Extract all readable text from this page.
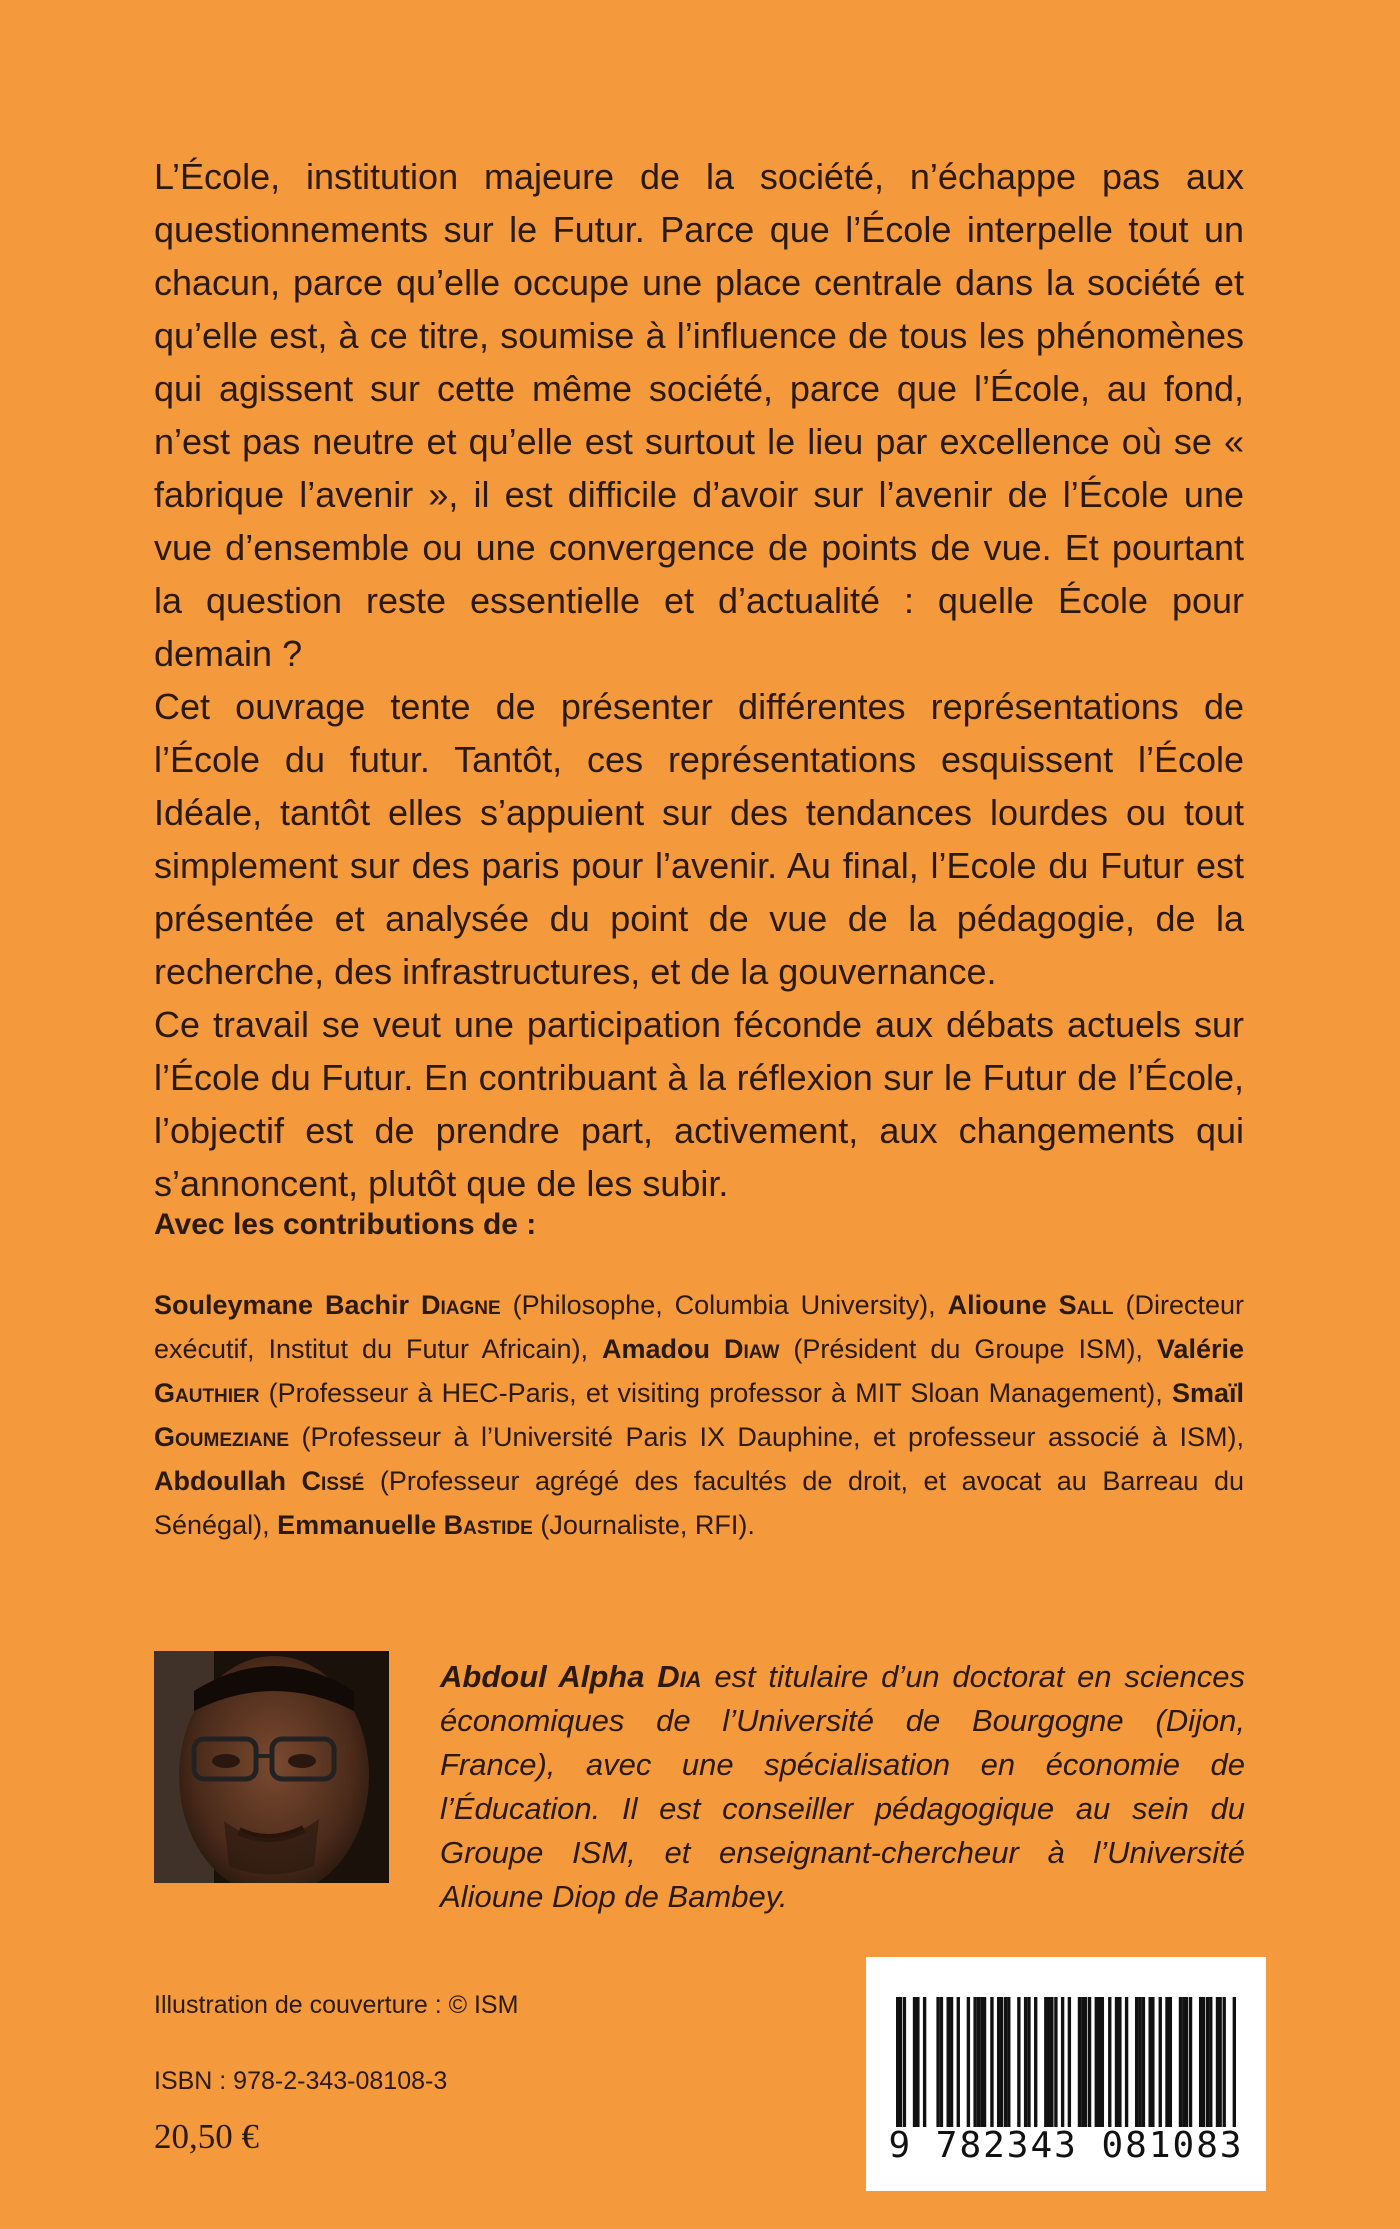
L’École, institution majeure de la société, n’échappe pas aux questionnements sur le Futur. Parce que l’École interpelle tout un chacun, parce qu’elle occupe une place centrale dans la société et qu’elle est, à ce titre, soumise à l’influence de tous les phénomènes qui agissent sur cette même société, parce que l’École, au fond, n’est pas neutre et qu’elle est surtout le lieu par excellence où se « fabrique l’avenir », il est difficile d’avoir sur l’avenir de l’École une vue d’ensemble ou une convergence de points de vue. Et pourtant la question reste essentielle et d’actualité : quelle École pour demain ?

Cet ouvrage tente de présenter différentes représentations de l’École du futur. Tantôt, ces représentations esquissent l’École Idéale, tantôt elles s’appuient sur des tendances lourdes ou tout simplement sur des paris pour l’avenir. Au final, l’Ecole du Futur est présentée et analysée du point de vue de la pédagogie, de la recherche, des infrastructures, et de la gouvernance.

Ce travail se veut une participation féconde aux débats actuels sur l’École du Futur. En contribuant à la réflexion sur le Futur de l’École, l’objectif est de prendre part, activement, aux changements qui s’annoncent, plutôt que de les subir.

Avec les contributions de :
Souleymane Bachir Diagne (Philosophe, Columbia University), Alioune Sall (Directeur exécutif, Institut du Futur Africain), Amadou Diaw (Président du Groupe ISM), Valérie Gauthier (Professeur à HEC-Paris, et visiting professor à MIT Sloan Management), Smaïl Goumeziane (Professeur à l’Université Paris IX Dauphine, et professeur associé à ISM), Abdoullah Cissé (Professeur agrégé des facultés de droit, et avocat au Barreau du Sénégal), Emmanuelle Bastide (Journaliste, RFI).
Abdoul Alpha Dia est titulaire d’un doctorat en sciences économiques de l’Université de Bourgogne (Dijon, France), avec une spécialisation en économie de l’Éducation. Il est conseiller pédagogique au sein du Groupe ISM, et enseignant-chercheur à l’Université Alioune Diop de Bambey.
Illustration de couverture : © ISM
ISBN : 978-2-343-08108-3
20,50 €	9 782343 081083
